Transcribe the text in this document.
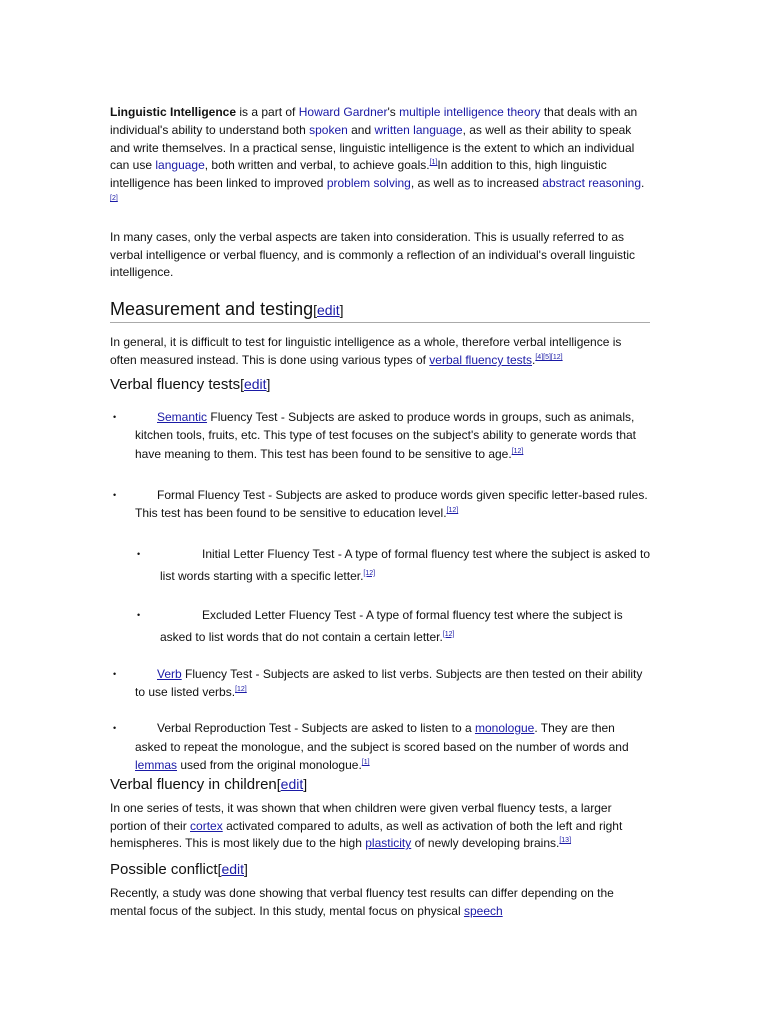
Linguistic Intelligence is a part of Howard Gardner's multiple intelligence theory that deals with an individual's ability to understand both spoken and written language, as well as their ability to speak and write themselves. In a practical sense, linguistic intelligence is the extent to which an individual can use language, both written and verbal, to achieve goals.[1]In addition to this, high linguistic intelligence has been linked to improved problem solving, as well as to increased abstract reasoning.[2]

In many cases, only the verbal aspects are taken into consideration. This is usually referred to as verbal intelligence or verbal fluency, and is commonly a reflection of an individual's overall linguistic intelligence.

Measurement and testing[edit]

In general, it is difficult to test for linguistic intelligence as a whole, therefore verbal intelligence is often measured instead. This is done using various types of verbal fluency tests.[4][5][12]

Verbal fluency tests[edit]
•	Semantic Fluency Test - Subjects are asked to produce words in groups, such as animals, kitchen tools, fruits, etc. This type of test focuses on the subject's ability to generate words that have meaning to them. This test has been found to be sensitive to age.[12]
•	Formal Fluency Test - Subjects are asked to produce words given specific letter-based rules. This test has been found to be sensitive to education level.[12]
•	Initial Letter Fluency Test - A type of formal fluency test where the subject is asked to list words starting with a specific letter.[12]
•	Excluded Letter Fluency Test - A type of formal fluency test where the subject is asked to list words that do not contain a certain letter.[12]
•	Verb Fluency Test - Subjects are asked to list verbs. Subjects are then tested on their ability to use listed verbs.[12]
•	Verbal Reproduction Test - Subjects are asked to listen to a monologue. They are then asked to repeat the monologue, and the subject is scored based on the number of words and lemmas used from the original monologue.[1]
Verbal fluency in children[edit]

In one series of tests, it was shown that when children were given verbal fluency tests, a larger portion of their cortex activated compared to adults, as well as activation of both the left and right hemispheres. This is most likely due to the high plasticity of newly developing brains.[13]

Possible conflict[edit]

Recently, a study was done showing that verbal fluency test results can differ depending on the mental focus of the subject. In this study, mental focus on physical speech
